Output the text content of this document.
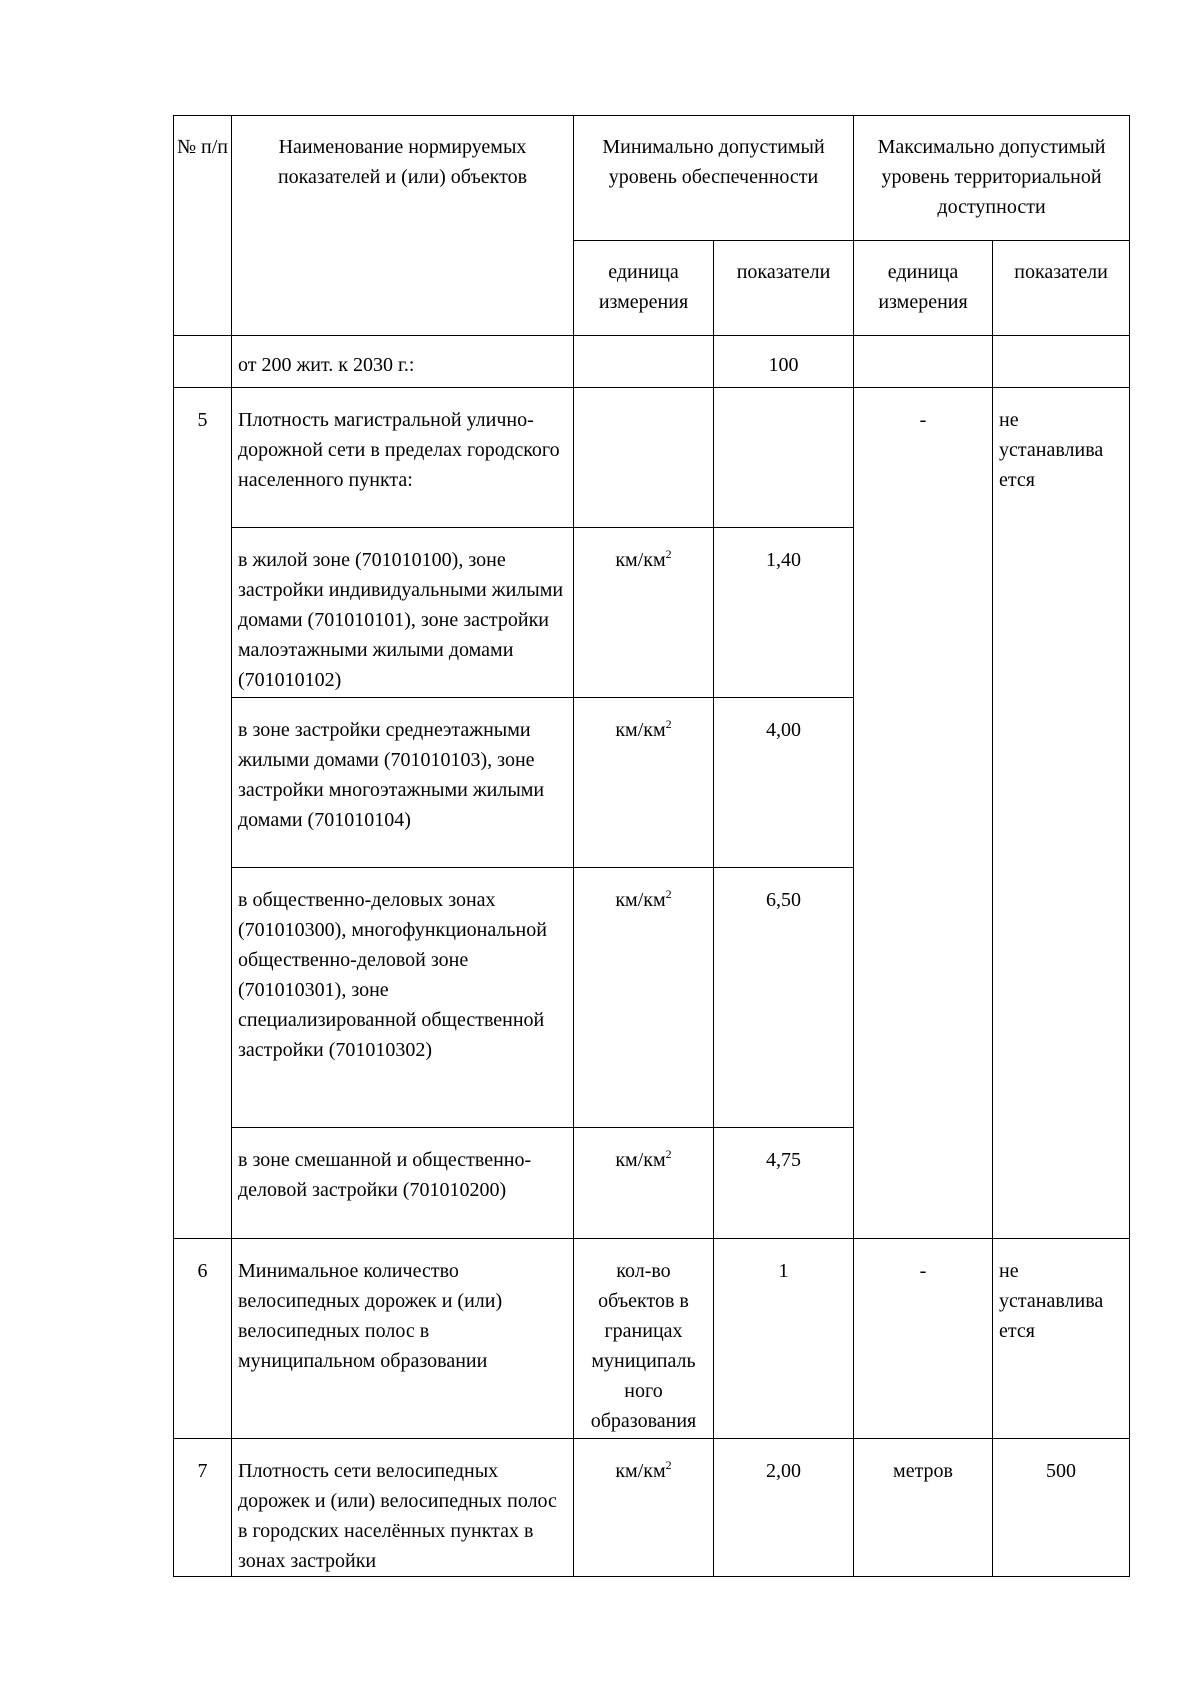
№ п/п	Наименование нормируемых показателей и (или) объектов	Минимально допустимый уровень обеспеченности		Максимально допустимый уровень территориальной доступности	
		единица измерения	показатели	единица измерения	показатели
	от 200 жит. к 2030 г.:		100		
5	Плотность магистральной улично-дорожной сети в пределах городского населенного пункта:			-	не устанавлива ется
	в жилой зоне (701010100), зоне застройки индивидуальными жилыми домами (701010101), зоне застройки малоэтажными жилыми домами (701010102)	$км/км^2$	1,40		
	в зоне застройки среднеэтажными жилыми домами (701010103), зоне застройки многоэтажными жилыми домами (701010104)	$км/км^2$	4,00		
	в общественно-деловых зонах (701010300), многофункциональной общественно-деловой зоне (701010301), зоне специализированной общественной застройки (701010302)	$км/км^2$	6,50		
	в зоне смешанной и общественно-деловой застройки (701010200)	$км/км^2$	4,75		
6	Минимальное количество велосипедных дорожек и (или) велосипедных полос в муниципальном образовании	кол-во объектов в границах муниципаль ного образования	1	-	не устанавлива ется
7	Плотность сети велосипедных дорожек и (или) велосипедных полос в городских населённых пунктах в зонах застройки	$км/км^2$	2,00	метров	500
